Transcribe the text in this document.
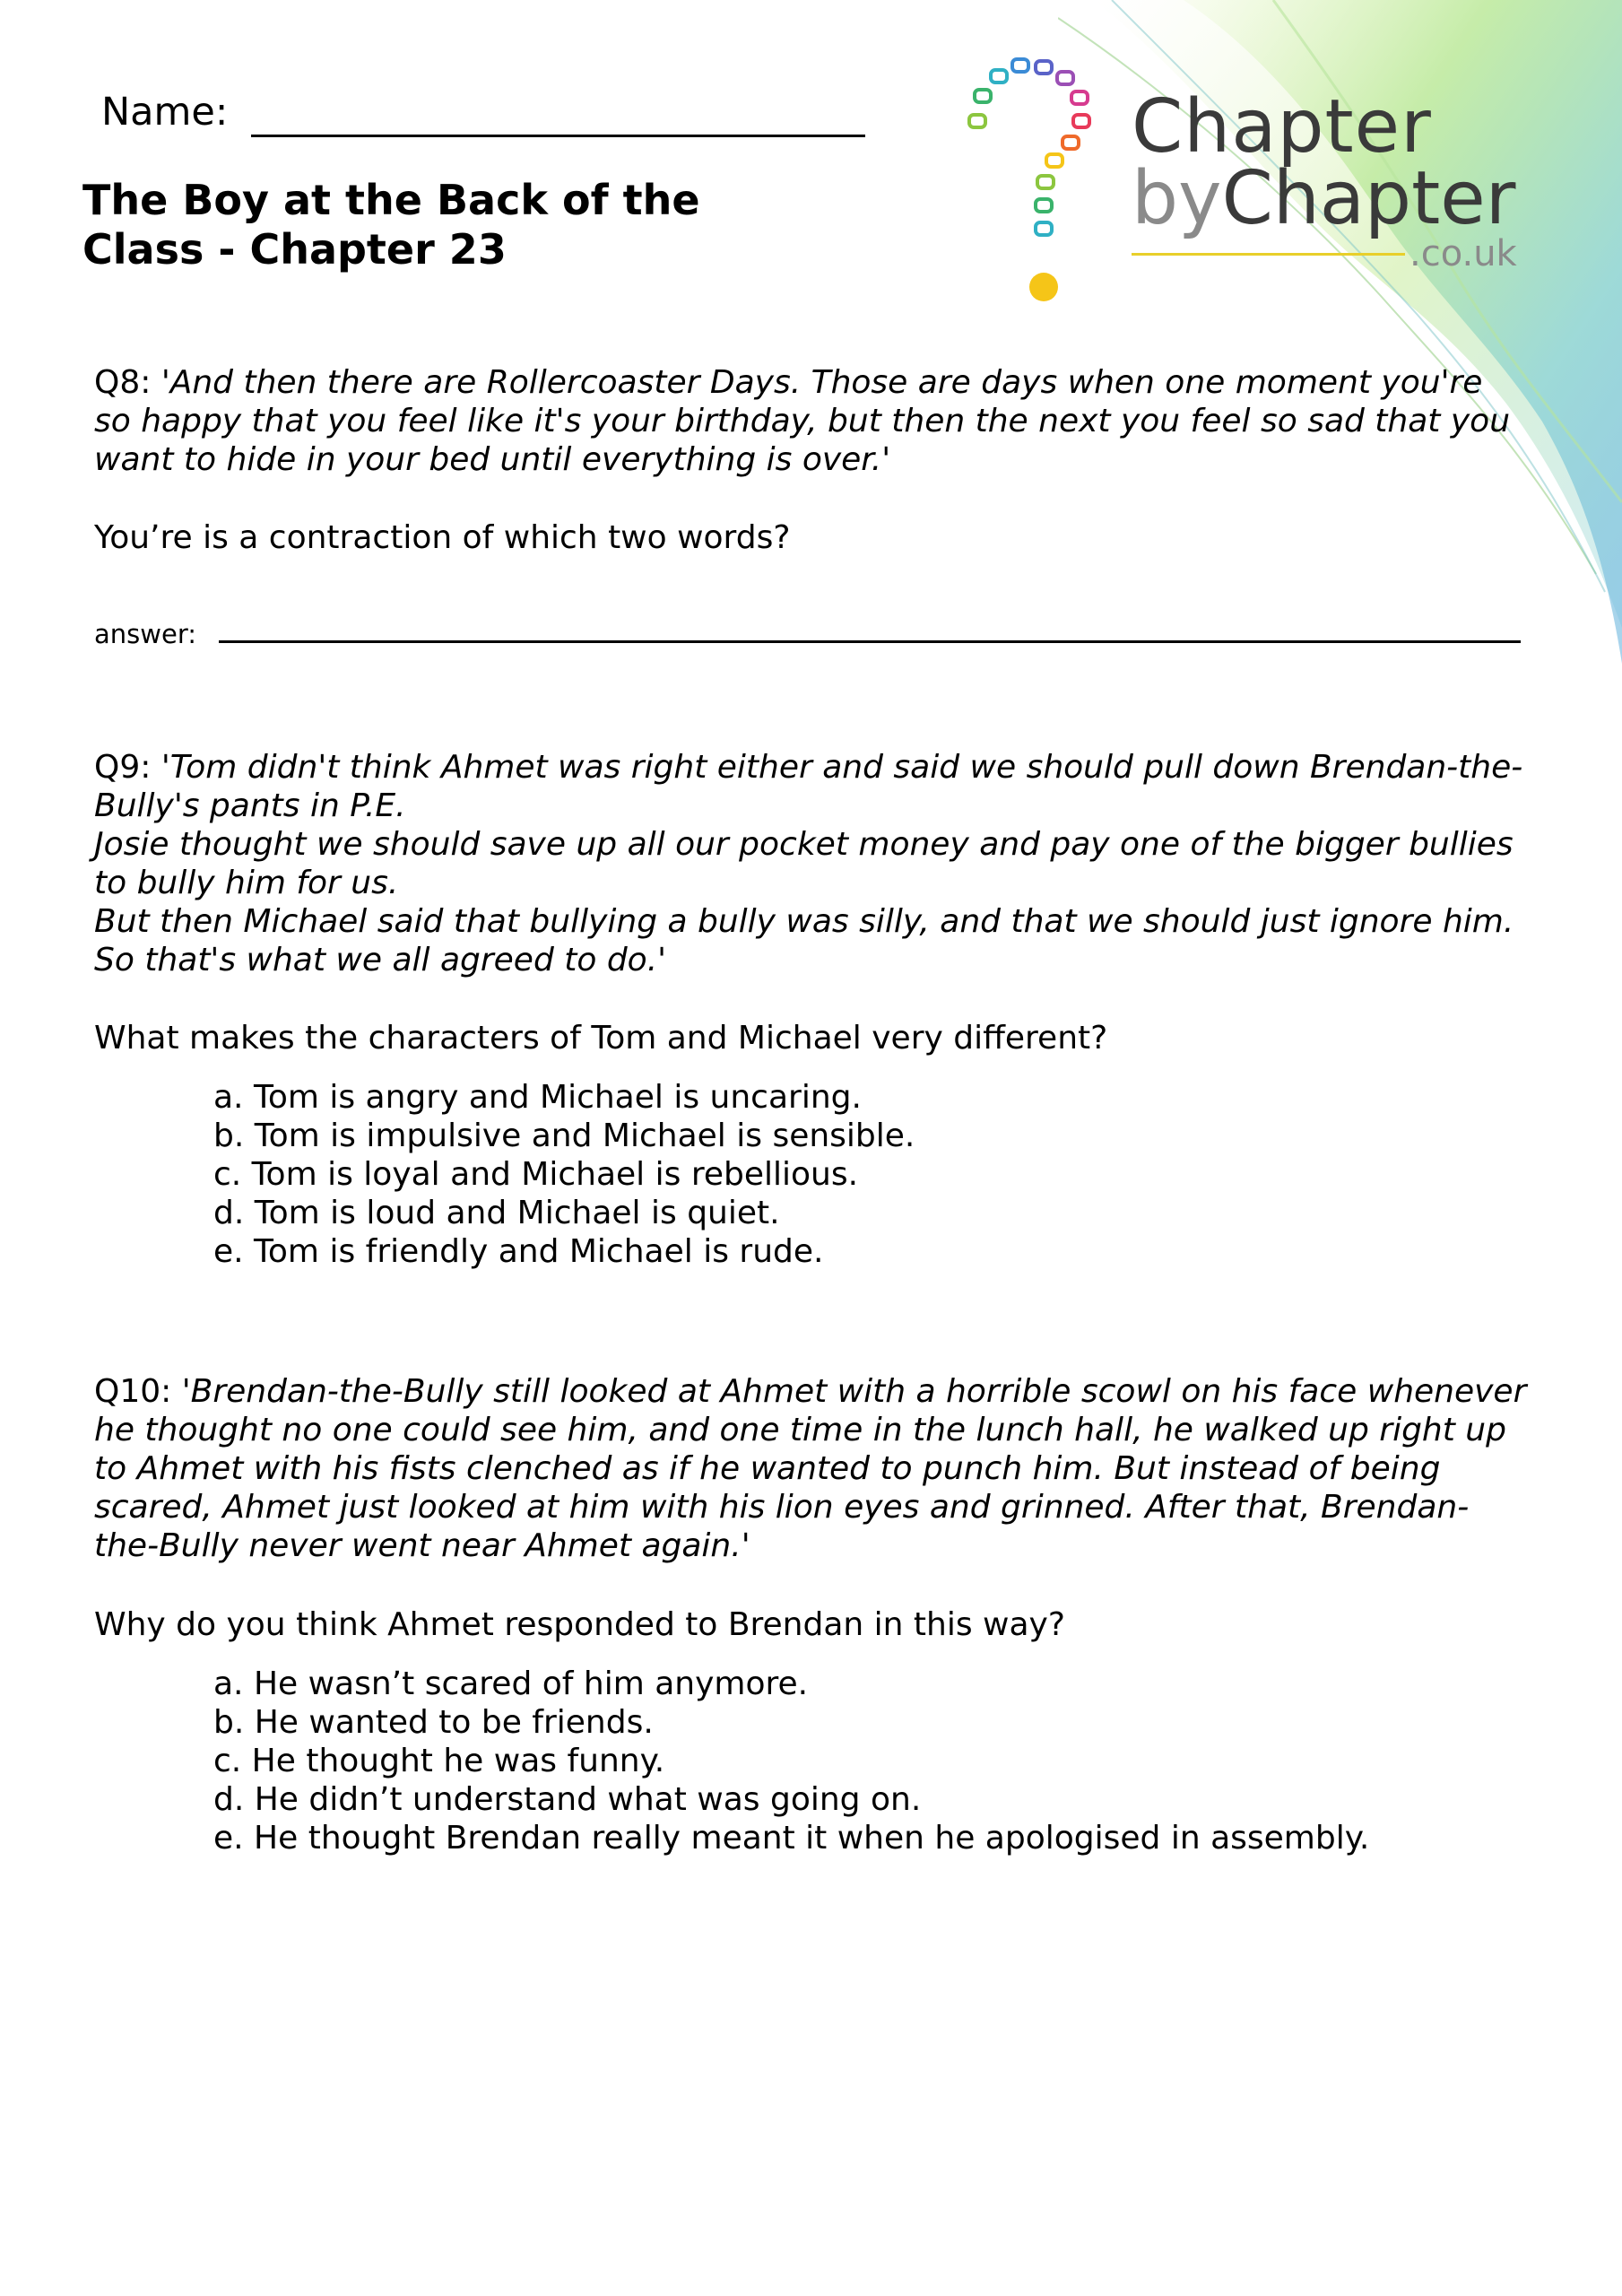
Name:
The Boy at the Back of the Class - Chapter 23
Chapter
byChapter
.co.uk
Q8: 'And then there are Rollercoaster Days. Those are days when one moment you're so happy that you feel like it's your birthday, but then the next you feel so sad that you want to hide in your bed until everything is over.'
You’re is a contraction of which two words?
answer:
Q9: 'Tom didn't think Ahmet was right either and said we should pull down Brendan-the-Bully's pants in P.E.
Josie thought we should save up all our pocket money and pay one of the bigger bullies to bully him for us.
But then Michael said that bullying a bully was silly, and that we should just ignore him. So that's what we all agreed to do.'
What makes the characters of Tom and Michael very different?
a. Tom is angry and Michael is uncaring.
b. Tom is impulsive and Michael is sensible.
c. Tom is loyal and Michael is rebellious.
d. Tom is loud and Michael is quiet.
e. Tom is friendly and Michael is rude.
Q10: 'Brendan-the-Bully still looked at Ahmet with a horrible scowl on his face whenever he thought no one could see him, and one time in the lunch hall, he walked up right up to Ahmet with his fists clenched as if he wanted to punch him. But instead of being scared, Ahmet just looked at him with his lion eyes and grinned. After that, Brendan-the-Bully never went near Ahmet again.'
Why do you think Ahmet responded to Brendan in this way?
a. He wasn’t scared of him anymore.
b. He wanted to be friends.
c. He thought he was funny.
d. He didn’t understand what was going on.
e. He thought Brendan really meant it when he apologised in assembly.
